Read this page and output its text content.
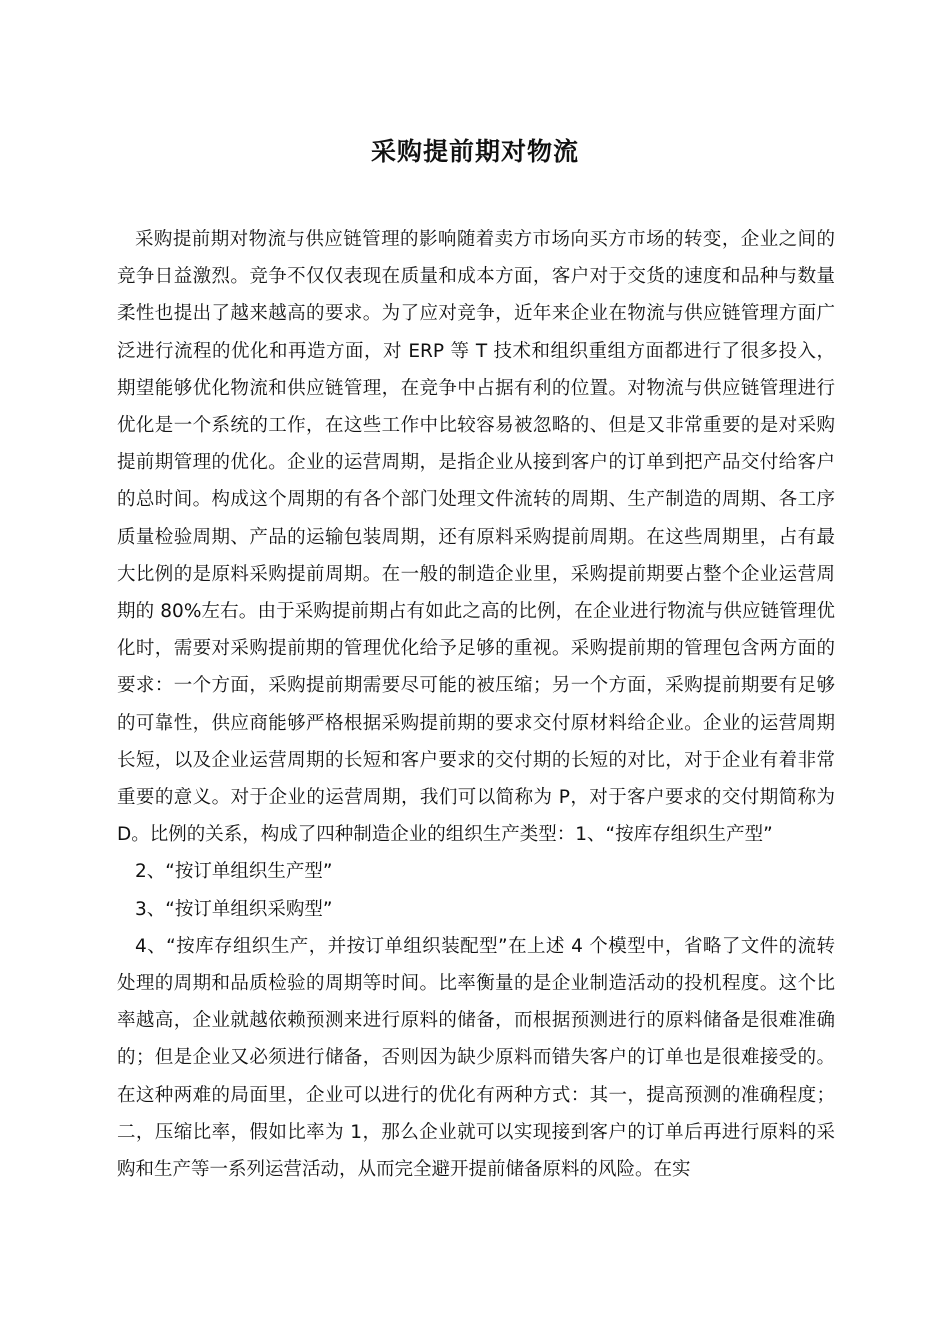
采购提前期对物流

采购提前期对物流与供应链管理的影响随着卖方市场向买方市场的转变，企业之间的竞争日益激烈。竞争不仅仅表现在质量和成本方面，客户对于交货的速度和品种与数量柔性也提出了越来越高的要求。为了应对竞争，近年来企业在物流与供应链管理方面广泛进行流程的优化和再造方面，对 ERP 等 T 技术和组织重组方面都进行了很多投入，期望能够优化物流和供应链管理，在竞争中占据有利的位置。对物流与供应链管理进行优化是一个系统的工作，在这些工作中比较容易被忽略的、但是又非常重要的是对采购提前期管理的优化。企业的运营周期，是指企业从接到客户的订单到把产品交付给客户的总时间。构成这个周期的有各个部门处理文件流转的周期、生产制造的周期、各工序质量检验周期、产品的运输包装周期，还有原料采购提前周期。在这些周期里，占有最大比例的是原料采购提前周期。在一般的制造企业里，采购提前期要占整个企业运营周期的 80%左右。由于采购提前期占有如此之高的比例，在企业进行物流与供应链管理优化时，需要对采购提前期的管理优化给予足够的重视。采购提前期的管理包含两方面的要求：一个方面，采购提前期需要尽可能的被压缩；另一个方面，采购提前期要有足够的可靠性，供应商能够严格根据采购提前期的要求交付原材料给企业。企业的运营周期长短，以及企业运营周期的长短和客户要求的交付期的长短的对比，对于企业有着非常重要的意义。对于企业的运营周期，我们可以简称为 P，对于客户要求的交付期简称为 D。比例的关系，构成了四种制造企业的组织生产类型：1、“按库存组织生产型”

2、“按订单组织生产型”

3、“按订单组织采购型”

4、“按库存组织生产，并按订单组织装配型”在上述 4 个模型中，省略了文件的流转处理的周期和品质检验的周期等时间。比率衡量的是企业制造活动的投机程度。这个比率越高，企业就越依赖预测来进行原料的储备，而根据预测进行的原料储备是很难准确的；但是企业又必须进行储备，否则因为缺少原料而错失客户的订单也是很难接受的。在这种两难的局面里，企业可以进行的优化有两种方式：其一，提高预测的准确程度；二，压缩比率，假如比率为 1，那么企业就可以实现接到客户的订单后再进行原料的采购和生产等一系列运营活动，从而完全避开提前储备原料的风险。在实
